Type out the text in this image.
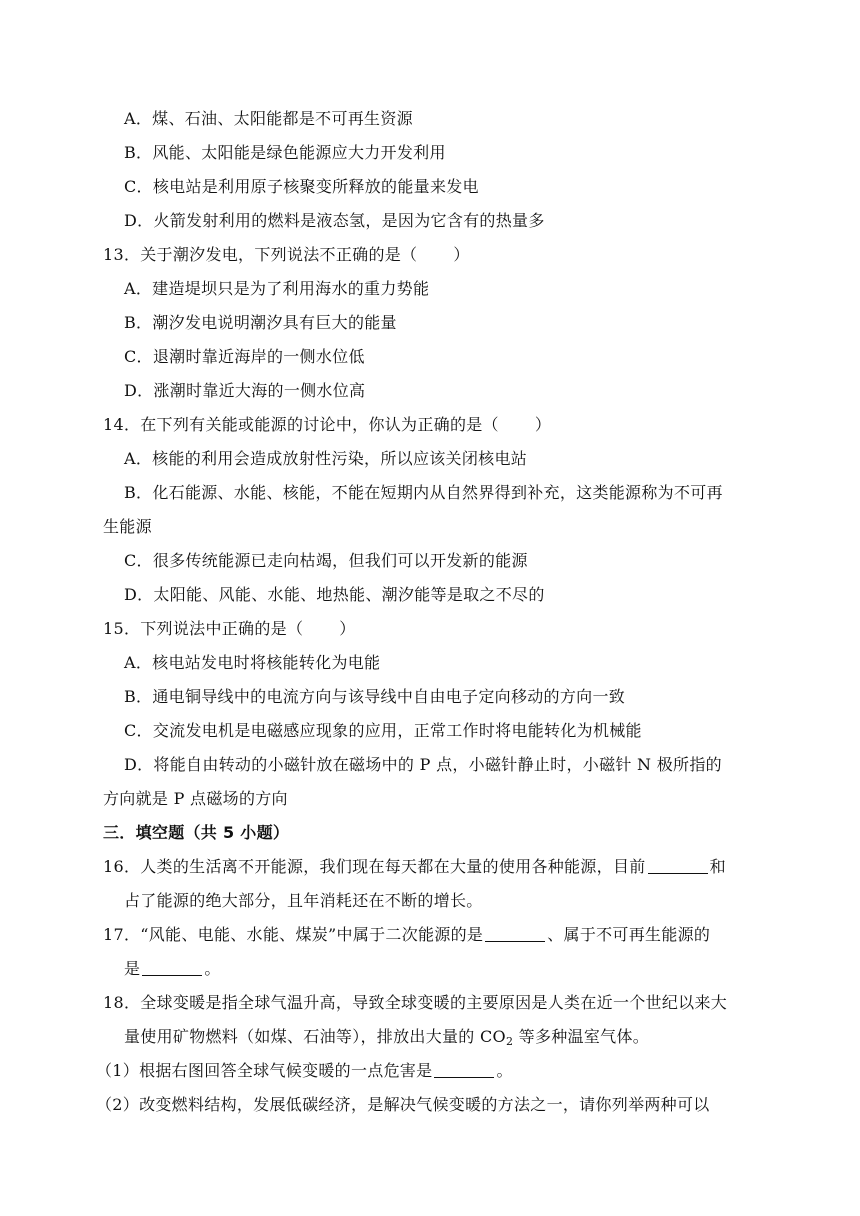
A．煤、石油、太阳能都是不可再生资源
B．风能、太阳能是绿色能源应大力开发利用
C．核电站是利用原子核聚变所释放的能量来发电
D．火箭发射利用的燃料是液态氢，是因为它含有的热量多
13．关于潮汐发电，下列说法不正确的是（ ）
A．建造堤坝只是为了利用海水的重力势能
B．潮汐发电说明潮汐具有巨大的能量
C．退潮时靠近海岸的一侧水位低
D．涨潮时靠近大海的一侧水位高
14．在下列有关能或能源的讨论中，你认为正确的是（ ）
A．核能的利用会造成放射性污染，所以应该关闭核电站
B．化石能源、水能、核能，不能在短期内从自然界得到补充，这类能源称为不可再
生能源
C．很多传统能源已走向枯竭，但我们可以开发新的能源
D．太阳能、风能、水能、地热能、潮汐能等是取之不尽的
15．下列说法中正确的是（ ）
A．核电站发电时将核能转化为电能
B．通电铜导线中的电流方向与该导线中自由电子定向移动的方向一致
C．交流发电机是电磁感应现象的应用，正常工作时将电能转化为机械能
D．将能自由转动的小磁针放在磁场中的 P 点，小磁针静止时，小磁针 N 极所指的
方向就是 P 点磁场的方向
三．填空题（共 5 小题）
16．人类的生活离不开能源，我们现在每天都在大量的使用各种能源，目前	和
占了能源的绝大部分，且年消耗还在不断的增长。
17．“风能、电能、水能、煤炭”中属于二次能源的是	、属于不可再生能源的
是	。
18．全球变暖是指全球气温升高，导致全球变暖的主要原因是人类在近一个世纪以来大
量使用矿物燃料（如煤、石油等），排放出大量的 $CO_2$ 等多种温室气体。
（1）根据右图回答全球气候变暖的一点危害是	。
（2）改变燃料结构，发展低碳经济，是解决气候变暖的方法之一，请你列举两种可以
